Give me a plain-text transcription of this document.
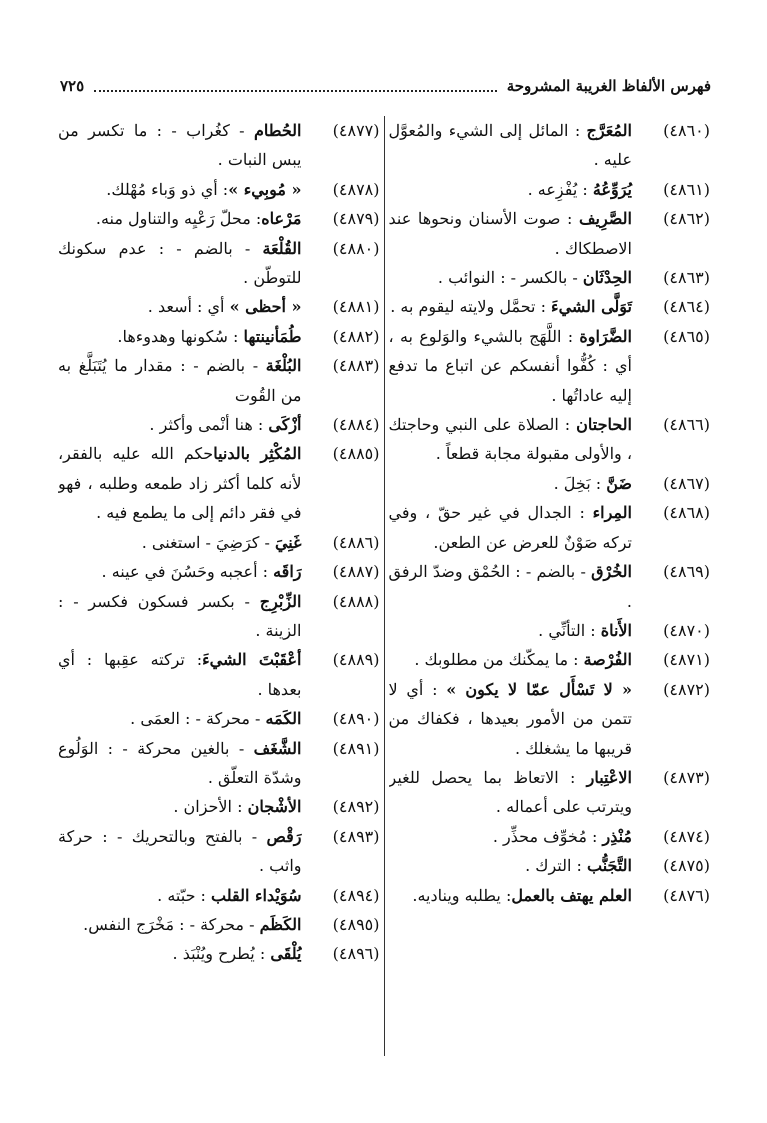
فهرس الألفاظ الغريبة المشروحة
٧٢٥
(٤٨٦٠)
المُعَرَّج : المائل إلى الشيء والمُعوَّل عليه .
(٤٨٦١)
يُرَوِّعُهُ : يُفْزِعه .
(٤٨٦٢)
الصَّرِيف : صوت الأسنان ونحوها عند الاصطكاك .
(٤٨٦٣)
الحِدْثَان - بالكسر - : النوائب .
(٤٨٦٤)
تَوَلَّى الشيءَ : تحمَّل ولايته ليقوم به .
(٤٨٦٥)
الضَّرَاوة : اللَّهَج بالشيء والوَلوع به ، أي : كُفُّوا أنفسكم عن اتباع ما تدفع إليه عاداتُها .
(٤٨٦٦)
الحاجتان : الصلاة على النبي وحاجتك ، والأولى مقبولة مجابة قطعاً .
(٤٨٦٧)
ضَنَّ : بَخِلَ .
(٤٨٦٨)
المِراء : الجدال في غير حقّ ، وفي تركه صَوْنٌ للعرض عن الطعن.
(٤٨٦٩)
الخُرْق - بالضم - : الحُمْق وضدّ الرفق .
(٤٨٧٠)
الأَناة : التأنِّي .
(٤٨٧١)
الفُرْصة : ما يمكّنك من مطلوبك .
(٤٨٧٢)
« لا تَسْأَل عمّا لا يكون » : أي لا تتمن من الأمور بعيدها ، فكفاك من قريبها ما يشغلك .
(٤٨٧٣)
الاعْتِبار : الاتعاظ بما يحصل للغير ويترتب على أعماله .
(٤٨٧٤)
مُنْذِر : مُخوِّف محذِّر .
(٤٨٧٥)
التَّجَنُّب : الترك .
(٤٨٧٦)
العلم يهتف بالعمل: يطلبه ويناديه.
(٤٨٧٧)
الحُطام - كغُراب - : ما تكسر من يبس النبات .
(٤٨٧٨)
« مُوبِيء »: أي ذو وَباء مُهْلك.
(٤٨٧٩)
مَرْعاه: محلّ رَعْيِه والتناول منه.
(٤٨٨٠)
القُلْعَة - بالضم - : عدم سكونك للتوطّن .
(٤٨٨١)
« أحظى » أي : أسعد .
(٤٨٨٢)
طُمَأنينتها : سُكونها وهدوءها.
(٤٨٨٣)
البُلْغَة - بالضم - : مقدار ما يُتَبَلَّغ به من القُوت
(٤٨٨٤)
أزْكَى : هنا أنْمى وأكثر .
(٤٨٨٥)
المُكْثِر بالدنياحكم الله عليه بالفقر، لأنه كلما أكثر زاد طمعه وطلبه ، فهو في فقر دائم إلى ما يطمع فيه .
(٤٨٨٦)
غَنِيَ - كرَضِيَ - استغنى .
(٤٨٨٧)
رَاقَه : أعجبه وحَسُنَ في عينه .
(٤٨٨٨)
الزِّبْرِج - بكسر فسكون فكسر - : الزينة .
(٤٨٨٩)
أعْقَبْتَ الشيءَ: تركته عقِبها : أي بعدها .
(٤٨٩٠)
الكَمَه - محركة - : العمَى .
(٤٨٩١)
الشَّغَف - بالغين محركة - : الوَلُوع وشدّة التعلّق .
(٤٨٩٢)
الأشْجان : الأحزان .
(٤٨٩٣)
رَقْص - بالفتح وبالتحريك - : حركة واثب .
(٤٨٩٤)
سُوَيْداء القلب : حبّته .
(٤٨٩٥)
الكَظَم - محركة - : مَخْرَج النفس.
(٤٨٩٦)
يُلْقَى : يُطرح ويُنْبَذ .
